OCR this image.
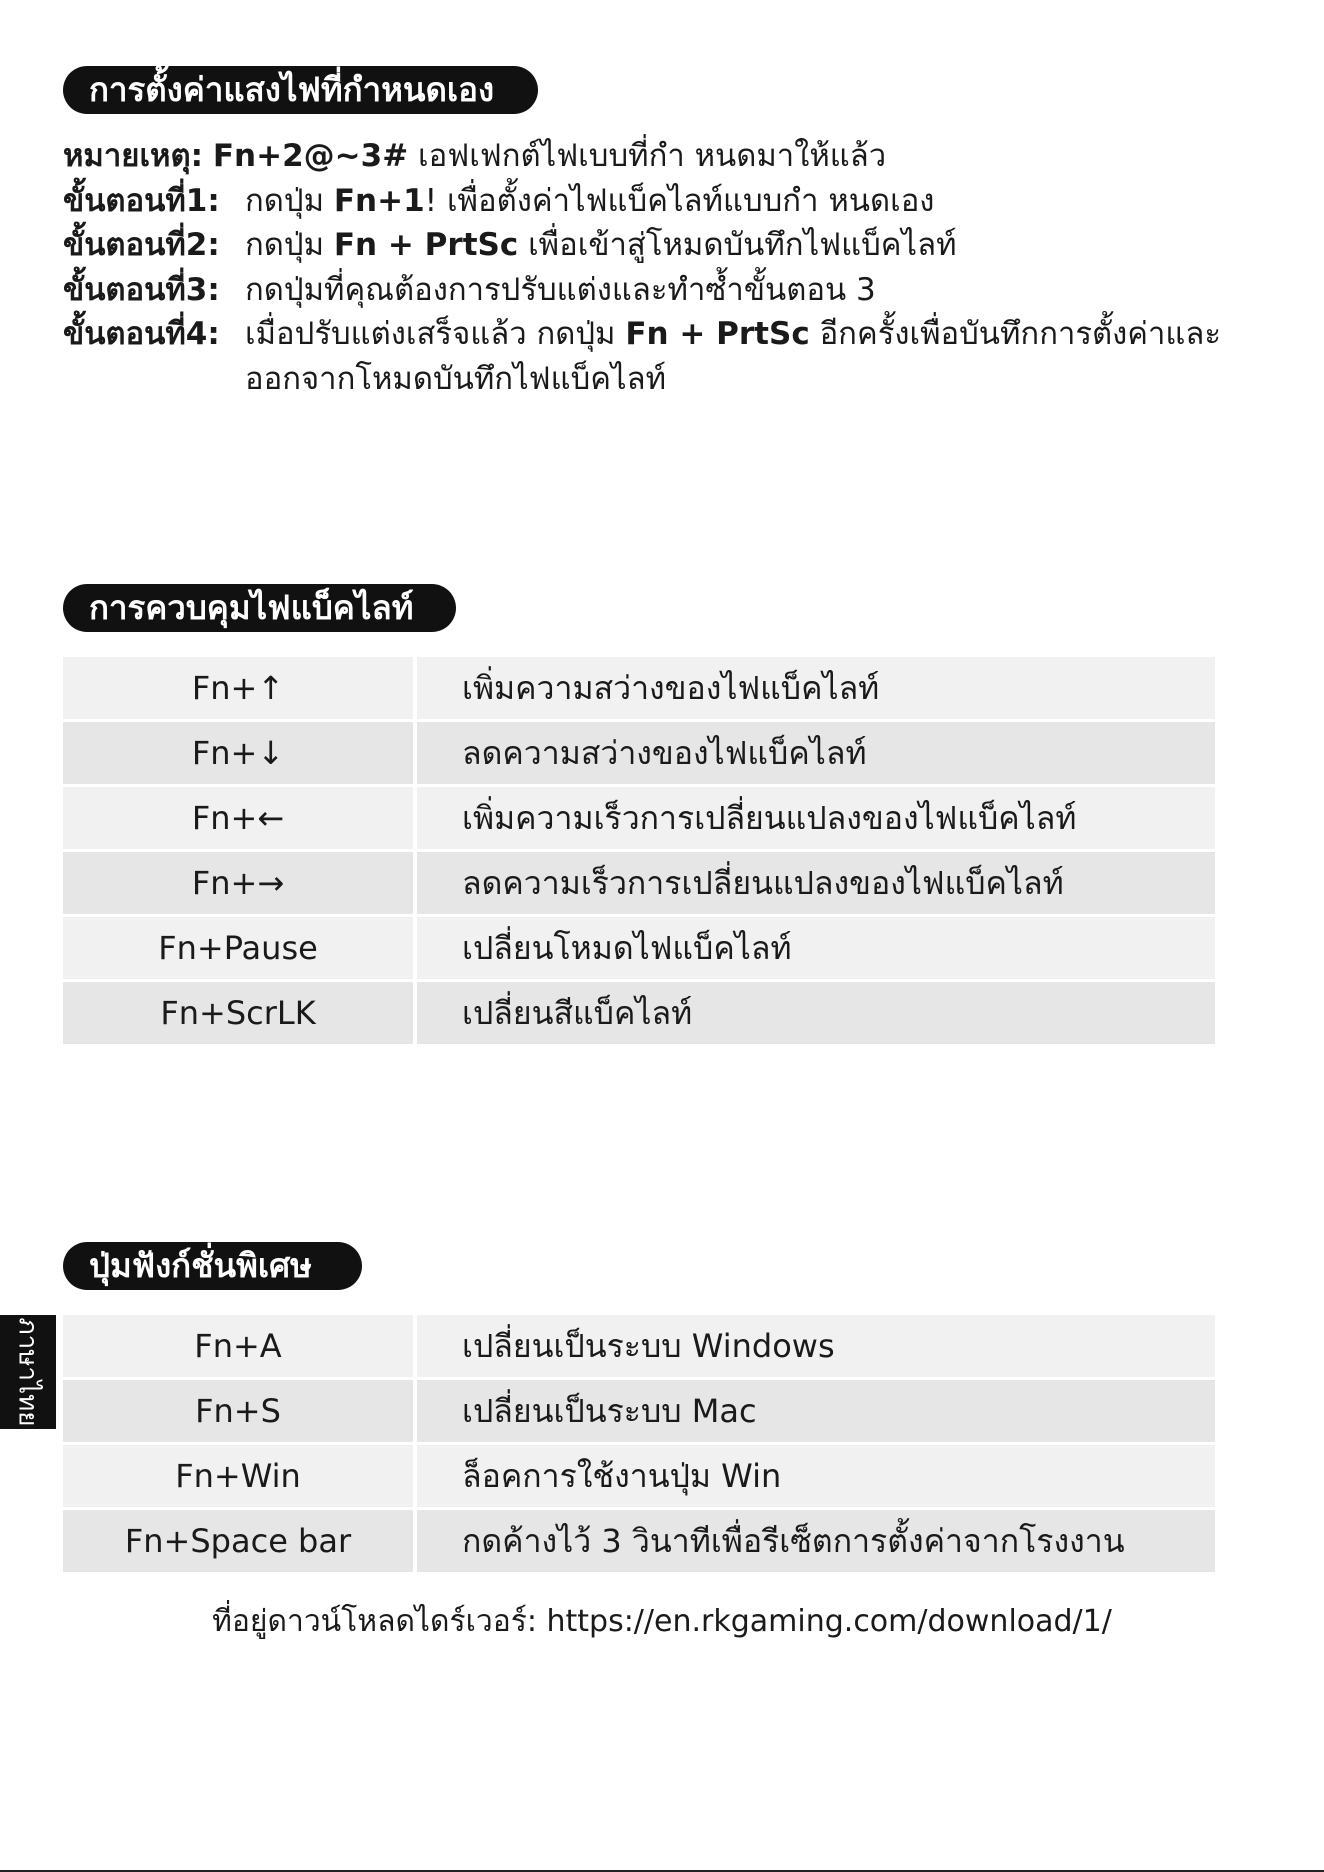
การตั้งค่าแสงไฟที่กำหนดเอง
หมายเหตุ:
Fn+2@~3#
เอฟเฟกต์ไฟเบบที่กำ หนดมาให้แล้ว
ขั้นตอนที่1: กดปุ่ม Fn+1! เพื่อตั้งค่าไฟแบ็คไลท์แบบกำ หนดเอง
ขั้นตอนที่2: กดปุ่ม Fn + PrtSc เพื่อเข้าสู่โหมดบันทึกไฟแบ็คไลท์
ขั้นตอนที่3: กดปุ่มที่คุณต้องการปรับแต่งและทำซ้ำขั้นตอน 3
ขั้นตอนที่4: เมื่อปรับแต่งเสร็จแล้ว กดปุ่ม Fn + PrtSc อีกครั้งเพื่อบันทึกการตั้งค่าและ
ออกจากโหมดบันทึกไฟแบ็คไลท์
การควบคุมไฟแบ็คไลท์
Fn+↑	เพิ่มความสว่างของไฟแบ็คไลท์
Fn+↓	ลดความสว่างของไฟแบ็คไลท์
Fn+←	เพิ่มความเร็วการเปลี่ยนแปลงของไฟแบ็คไลท์
Fn+→	ลดความเร็วการเปลี่ยนแปลงของไฟแบ็คไลท์
Fn+Pause	เปลี่ยนโหมดไฟแบ็คไลท์
Fn+ScrLK	เปลี่ยนสีแบ็คไลท์
ปุ่มฟังก์ชั่นพิเศษ
Fn+A	เปลี่ยนเป็นระบบ Windows
Fn+S	เปลี่ยนเป็นระบบ Mac
Fn+Win	ล็อคการใช้งานปุ่ม Win
Fn+Space bar	กดค้างไว้ 3 วินาทีเพื่อรีเซ็ตการตั้งค่าจากโรงงาน
ที่อยู่ดาวน์โหลดไดร์เวอร์: https://en.rkgaming.com/download/1/
ภาษาไทย
